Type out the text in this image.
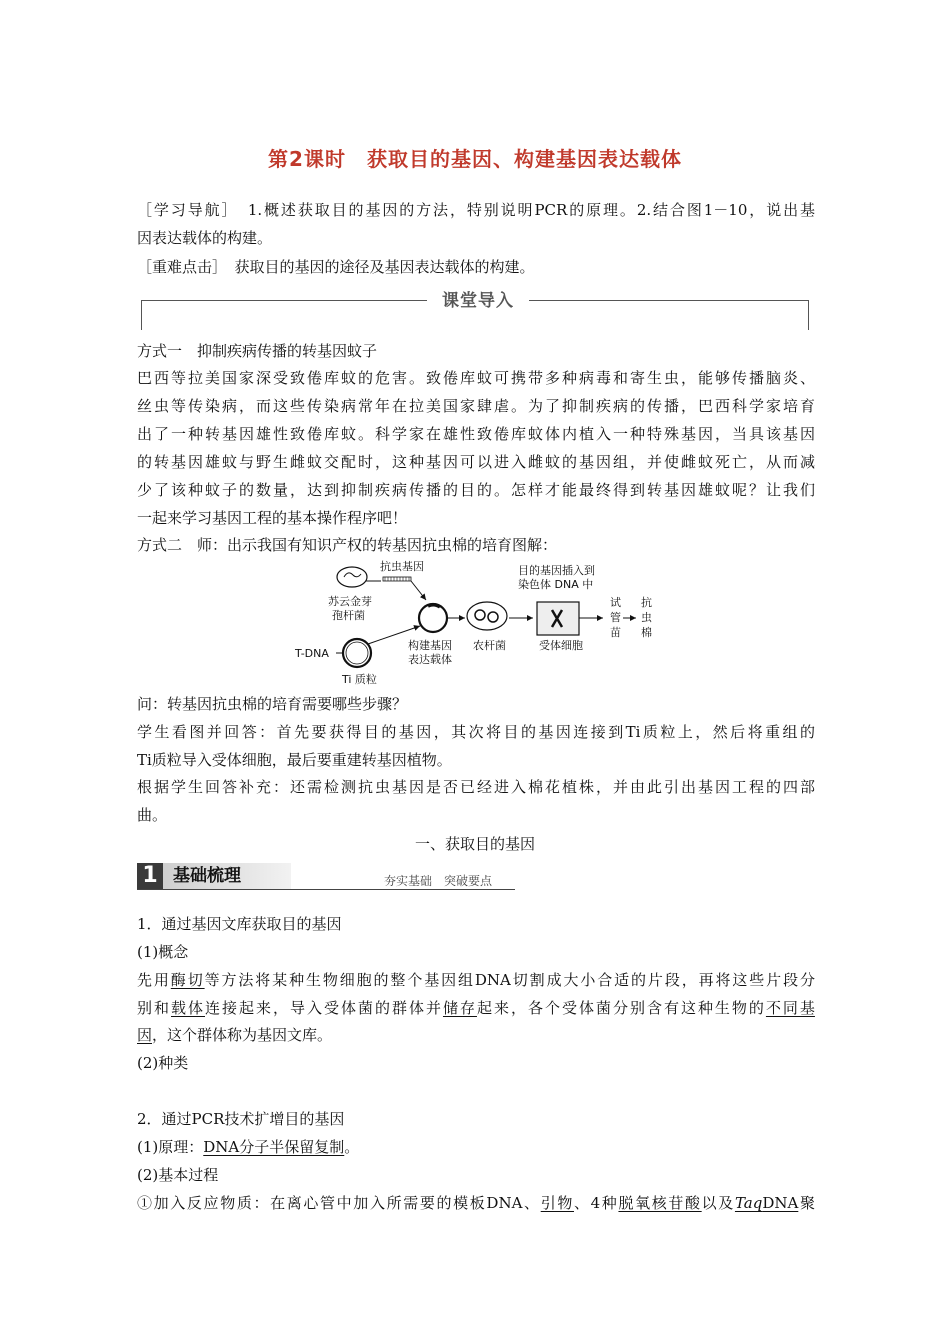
第2课时　获取目的基因、构建基因表达载体
［学习导航］　1.概述获取目的基因的方法，特别说明PCR的原理。2.结合图1－10，说出基
因表达载体的构建。
［重难点击］　获取目的基因的途径及基因表达载体的构建。
课堂导入
方式一　抑制疾病传播的转基因蚊子
巴西等拉美国家深受致倦库蚊的危害。致倦库蚊可携带多种病毒和寄生虫，能够传播脑炎、
丝虫等传染病，而这些传染病常年在拉美国家肆虐。为了抑制疾病的传播，巴西科学家培育
出了一种转基因雄性致倦库蚊。科学家在雄性致倦库蚊体内植入一种特殊基因，当具该基因
的转基因雄蚊与野生雌蚊交配时，这种基因可以进入雌蚊的基因组，并使雌蚊死亡，从而减
少了该种蚊子的数量，达到抑制疾病传播的目的。怎样才能最终得到转基因雄蚊呢？让我们
一起来学习基因工程的基本操作程序吧！
方式二　师：出示我国有知识产权的转基因抗虫棉的培育图解：
抗虫基因
苏云金芽
孢杆菌
T-DNA
Ti 质粒
构建基因
表达载体
农杆菌
目的基因插入到
染色体 DNA 中
受体细胞
试
管
苗
抗
虫
棉
问：转基因抗虫棉的培育需要哪些步骤？
学生看图并回答：首先要获得目的基因，其次将目的基因连接到Ti质粒上，然后将重组的
Ti质粒导入受体细胞，最后要重建转基因植物。
根据学生回答补充：还需检测抗虫基因是否已经进入棉花植株，并由此引出基因工程的四部
曲。
一、获取目的基因
1 基础梳理	夯实基础　突破要点
1．通过基因文库获取目的基因
(1)概念
先用酶切等方法将某种生物细胞的整个基因组DNA切割成大小合适的片段，再将这些片段分
别和载体连接起来，导入受体菌的群体并储存起来，各个受体菌分别含有这种生物的不同基
因，这个群体称为基因文库。
(2)种类
2．通过PCR技术扩增目的基因
(1)原理：DNA分子半保留复制。
(2)基本过程
①加入反应物质：在离心管中加入所需要的模板DNA、引物、4种脱氧核苷酸以及TaqDNA聚
